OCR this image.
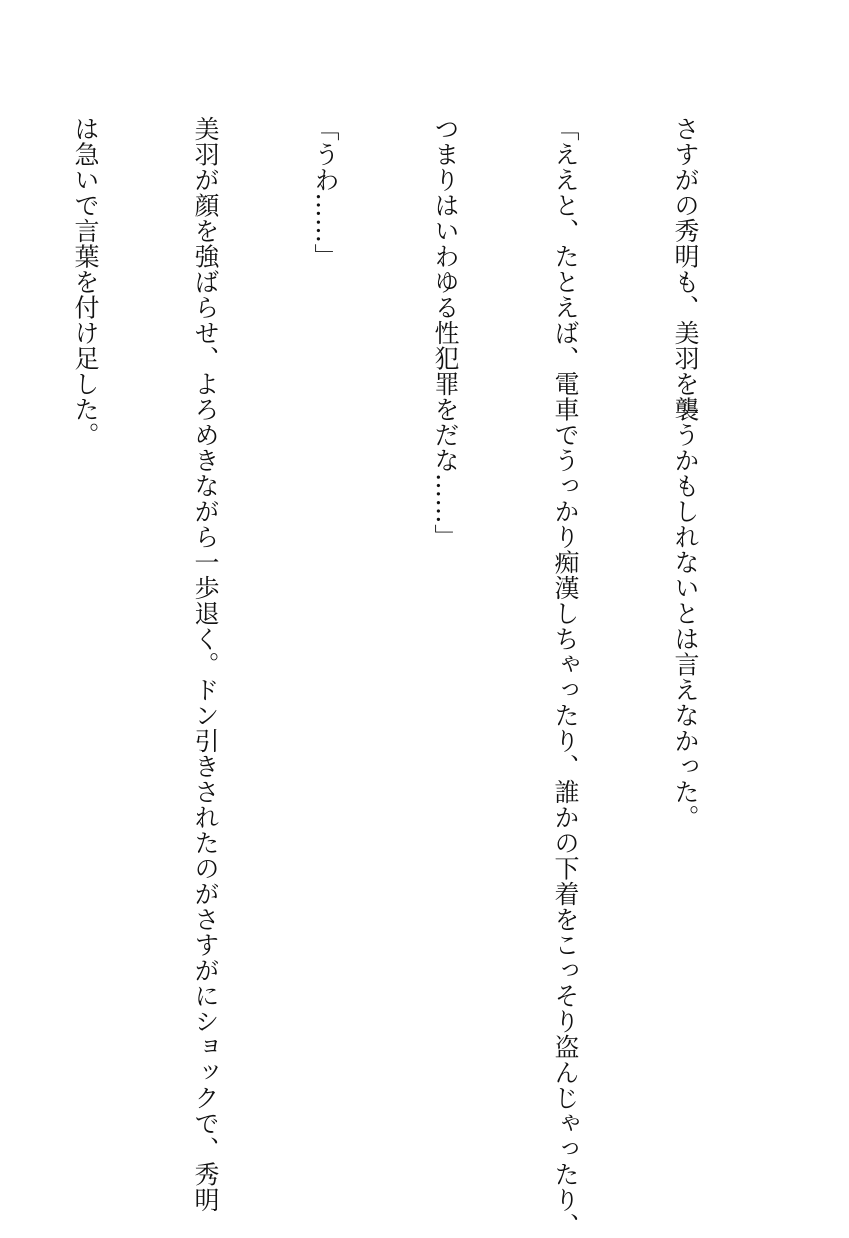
さすがの秀明も、美羽を襲うかもしれないとは言えなかった。

「ええと、たとえば、電車でうっかり痴漢しちゃったり、誰かの下着をこっそり盗んじゃったり、

つまりはいわゆる性犯罪をだな……」

「うわ……」

美羽が顔を強ばらせ、よろめきながら一歩退く。ドン引きされたのがさすがにショックで、秀明

は急いで言葉を付け足した。
